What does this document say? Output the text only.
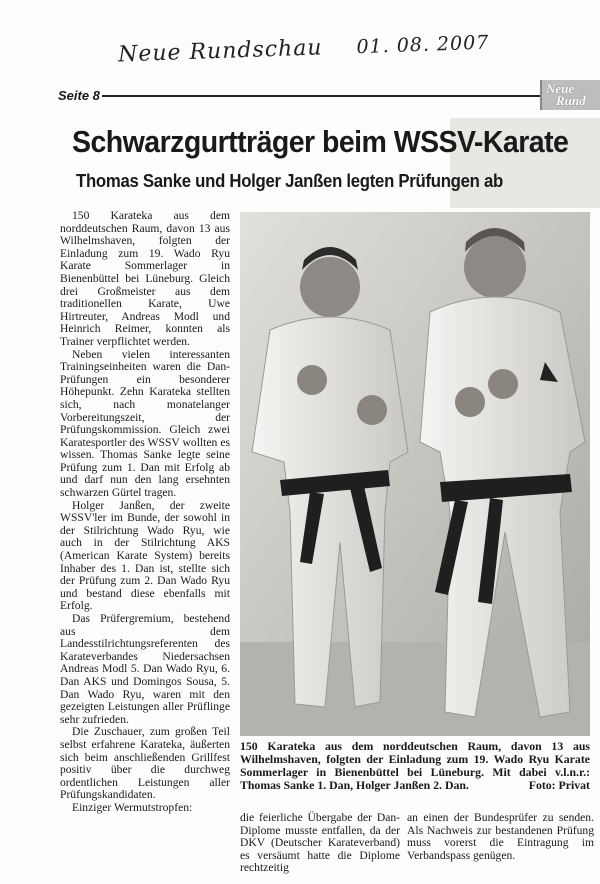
Neue Rundschau 01. 08. 2007
Seite 8	Neue
Rund
Schwarzgurtträger beim WSSV-Karate
Thomas Sanke und Holger Janßen legten Prüfungen ab

150 Karateka aus dem norddeutschen Raum, davon 13 aus Wilhelmshaven, folgten der Einladung zum 19. Wado Ryu Karate Sommerlager in Bienenbüttel bei Lüneburg. Gleich drei Großmeister aus dem traditionellen Karate, Uwe Hirtreuter, Andreas Modl und Heinrich Reimer, konnten als Trainer verpflichtet werden.

Neben vielen interessanten Trainingseinheiten waren die Dan-Prüfungen ein besonderer Höhepunkt. Zehn Karateka stellten sich, nach monatelanger Vorbereitungszeit, der Prüfungskommission. Gleich zwei Karatesportler des WSSV wollten es wissen. Thomas Sanke legte seine Prüfung zum 1. Dan mit Erfolg ab und darf nun den lang ersehnten schwarzen Gürtel tragen.

Holger Janßen, der zweite WSSV'ler im Bunde, der sowohl in der Stilrichtung Wado Ryu, wie auch in der Stilrichtung AKS (American Karate System) bereits Inhaber des 1. Dan ist, stellte sich der Prüfung zum 2. Dan Wado Ryu und bestand diese ebenfalls mit Erfolg.

Das Prüfergremium, bestehend aus dem Landesstilrichtungsreferenten des Karateverbandes Niedersachsen Andreas Modl 5. Dan Wado Ryu, 6. Dan AKS und Domingos Sousa, 5. Dan Wado Ryu, waren mit den gezeigten Leistungen aller Prüflinge sehr zufrieden.

Die Zuschauer, zum großen Teil selbst erfahrene Karateka, äußerten sich beim anschließenden Grillfest positiv über die durchweg ordentlichen Leistungen aller Prüfungskandidaten.

Einziger Wermutstropfen:

150 Karateka aus dem norddeutschen Raum, davon 13 aus Wilhelmshaven, folgten der Einladung zum 19. Wado Ryu Karate Sommerlager in Bienenbüttel bei Lüneburg. Mit dabei v.l.n.r.: Thomas Sanke 1. Dan, Holger Janßen 2. Dan.	Foto: Privat

die feierliche Übergabe der Dan-Diplome musste entfallen, da der DKV (Deutscher Karateverband) es versäumt hatte die Diplome rechtzeitig

an einen der Bundesprüfer zu senden. Als Nachweis zur bestandenen Prüfung muss vorerst die Eintragung im Verbandspass genügen.
